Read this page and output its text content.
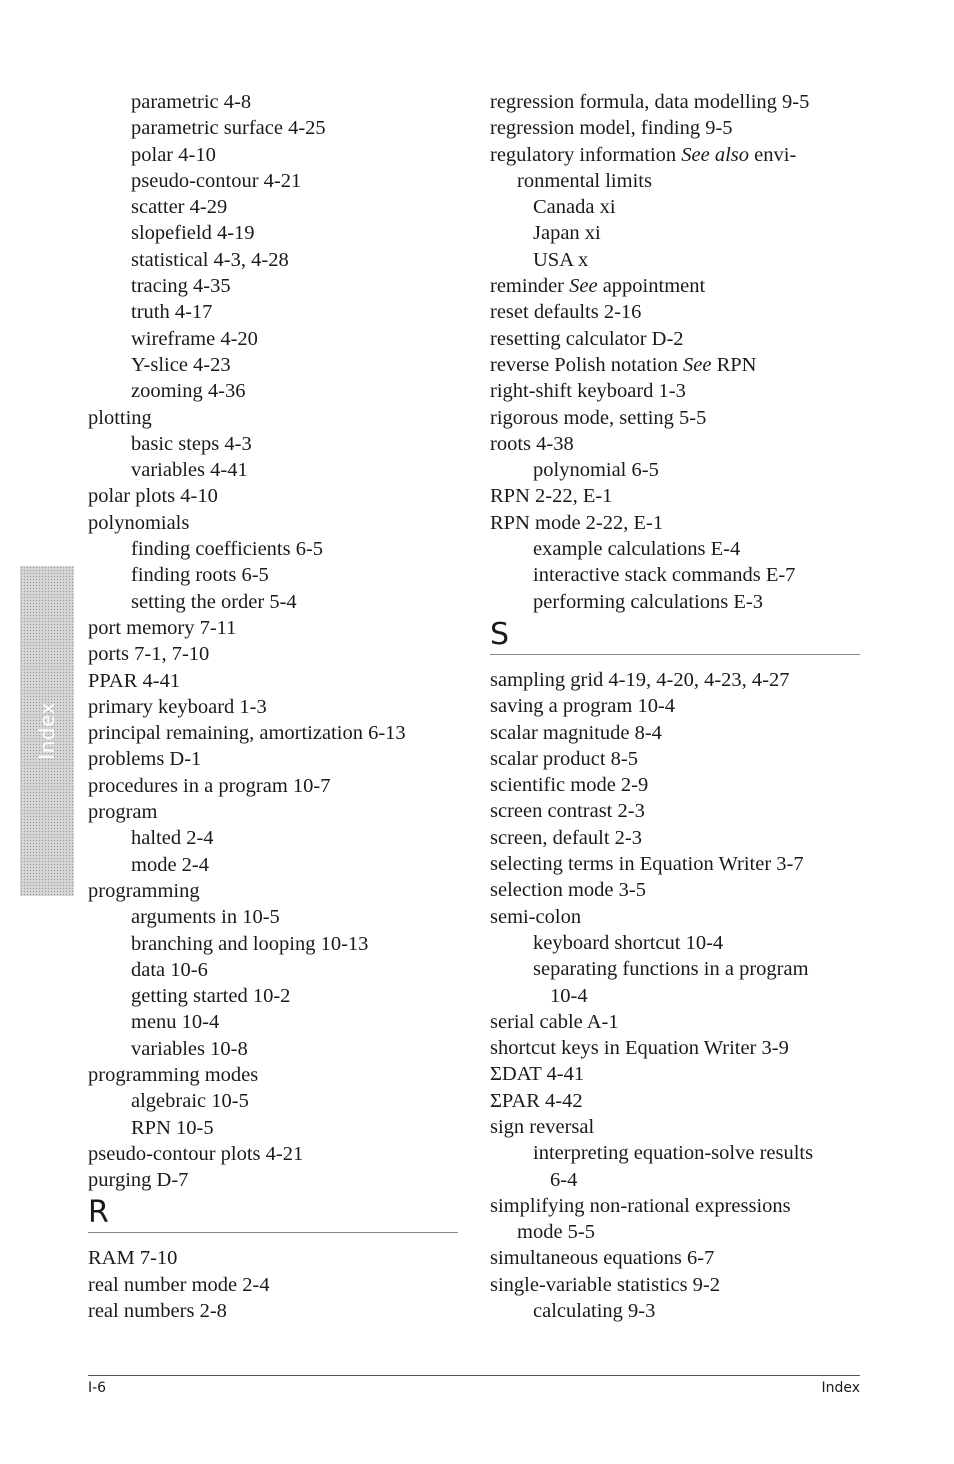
Index
parametric 4-8
parametric surface 4-25
polar 4-10
pseudo-contour 4-21
scatter 4-29
slopefield 4-19
statistical 4-3, 4-28
tracing 4-35
truth 4-17
wireframe 4-20
Y-slice 4-23
zooming 4-36
plotting
basic steps 4-3
variables 4-41
polar plots 4-10
polynomials
finding coefficients 6-5
finding roots 6-5
setting the order 5-4
port memory 7-11
ports 7-1, 7-10
PPAR 4-41
primary keyboard 1-3
principal remaining, amortization 6-13
problems D-1
procedures in a program 10-7
program
halted 2-4
mode 2-4
programming
arguments in 10-5
branching and looping 10-13
data 10-6
getting started 10-2
menu 10-4
variables 10-8
programming modes
algebraic 10-5
RPN 10-5
pseudo-contour plots 4-21
purging D-7
R
RAM 7-10
real number mode 2-4
real numbers 2-8
regression formula, data modelling 9-5
regression model, finding 9-5
regulatory information See also envi-
ronmental limits
Canada xi
Japan xi
USA x
reminder See appointment
reset defaults 2-16
resetting calculator D-2
reverse Polish notation See RPN
right-shift keyboard 1-3
rigorous mode, setting 5-5
roots 4-38
polynomial 6-5
RPN 2-22, E-1
RPN mode 2-22, E-1
example calculations E-4
interactive stack commands E-7
performing calculations E-3
S
sampling grid 4-19, 4-20, 4-23, 4-27
saving a program 10-4
scalar magnitude 8-4
scalar product 8-5
scientific mode 2-9
screen contrast 2-3
screen, default 2-3
selecting terms in Equation Writer 3-7
selection mode 3-5
semi-colon
keyboard shortcut 10-4
separating functions in a program
10-4
serial cable A-1
shortcut keys in Equation Writer 3-9
ΣDAT 4-41
ΣPAR 4-42
sign reversal
interpreting equation-solve results
6-4
simplifying non-rational expressions
mode 5-5
simultaneous equations 6-7
single-variable statistics 9-2
calculating 9-3
I-6	Index
